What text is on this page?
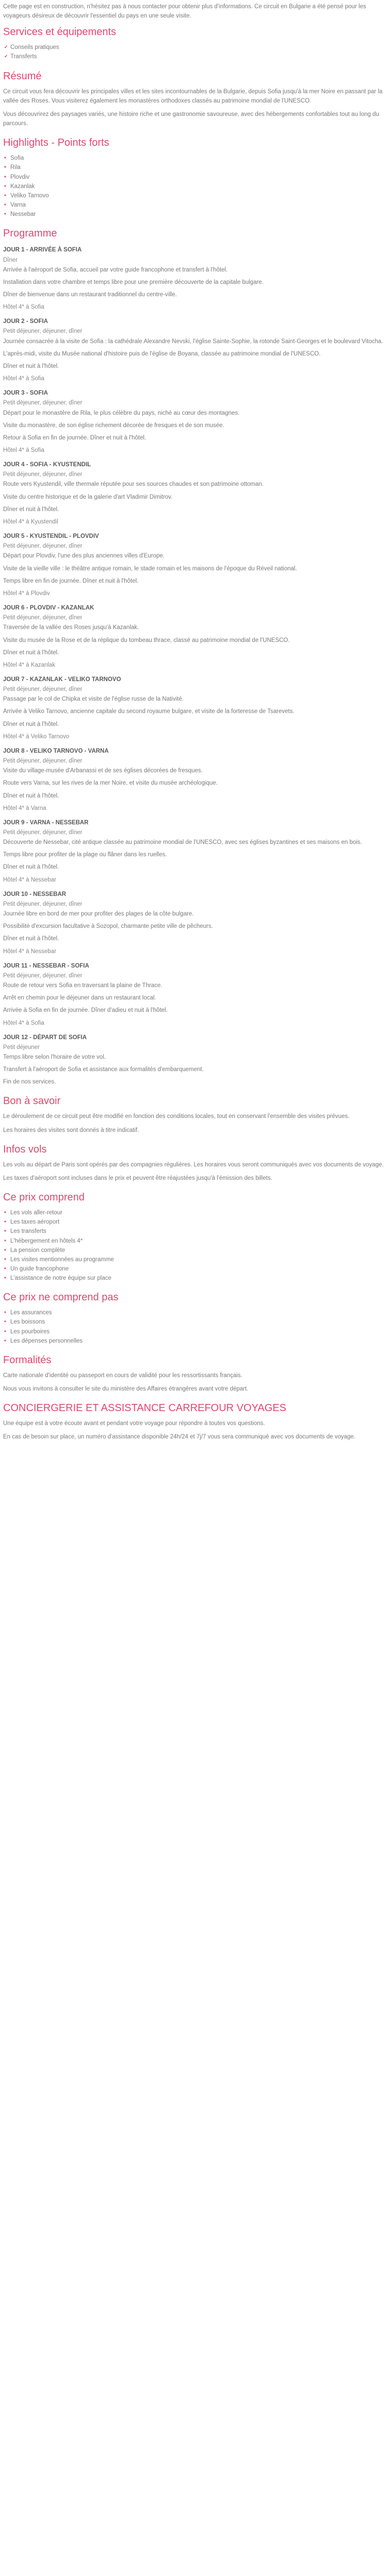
Cette page est en construction, n'hésitez pas à nous contacter pour obtenir plus d'informations. Ce circuit en Bulgarie a été pensé pour les voyageurs désireux de découvrir l'essentiel du pays en une seule visite.

Services et équipements
✔ Conseils pratiques
✔ Transferts
Résumé

Ce circuit vous fera découvrir les principales villes et les sites incontournables de la Bulgarie, depuis Sofia jusqu'à la mer Noire en passant par la vallée des Roses. Vous visiterez également les monastères orthodoxes classés au patrimoine mondial de l'UNESCO.

Vous découvrirez des paysages variés, une histoire riche et une gastronomie savoureuse, avec des hébergements confortables tout au long du parcours.

Highlights - Points forts
• Sofia
• Rila
• Plovdiv
• Kazanlak
• Veliko Tarnovo
• Varna
• Nessebar
Programme
JOUR 1 - ARRIVÉE À SOFIA
Dîner

Arrivée à l'aéroport de Sofia, accueil par votre guide francophone et transfert à l'hôtel.

Installation dans votre chambre et temps libre pour une première découverte de la capitale bulgare.

Dîner de bienvenue dans un restaurant traditionnel du centre-ville.

Hôtel 4* à Sofia
JOUR 2 - SOFIA
Petit déjeuner, déjeuner, dîner

Journée consacrée à la visite de Sofia : la cathédrale Alexandre Nevski, l'église Sainte-Sophie, la rotonde Saint-Georges et le boulevard Vitocha.

L'après-midi, visite du Musée national d'histoire puis de l'église de Boyana, classée au patrimoine mondial de l'UNESCO.

Dîner et nuit à l'hôtel.

Hôtel 4* à Sofia
JOUR 3 - SOFIA
Petit déjeuner, déjeuner, dîner

Départ pour le monastère de Rila, le plus célèbre du pays, niché au cœur des montagnes.

Visite du monastère, de son église richement décorée de fresques et de son musée.

Retour à Sofia en fin de journée. Dîner et nuit à l'hôtel.

Hôtel 4* à Sofia
JOUR 4 - SOFIA - KYUSTENDIL
Petit déjeuner, déjeuner, dîner

Route vers Kyustendil, ville thermale réputée pour ses sources chaudes et son patrimoine ottoman.

Visite du centre historique et de la galerie d'art Vladimir Dimitrov.

Dîner et nuit à l'hôtel.

Hôtel 4* à Kyustendil
JOUR 5 - KYUSTENDIL - PLOVDIV
Petit déjeuner, déjeuner, dîner

Départ pour Plovdiv, l'une des plus anciennes villes d'Europe.

Visite de la vieille ville : le théâtre antique romain, le stade romain et les maisons de l'époque du Réveil national.

Temps libre en fin de journée. Dîner et nuit à l'hôtel.

Hôtel 4* à Plovdiv
JOUR 6 - PLOVDIV - KAZANLAK
Petit déjeuner, déjeuner, dîner

Traversée de la vallée des Roses jusqu'à Kazanlak.

Visite du musée de la Rose et de la réplique du tombeau thrace, classé au patrimoine mondial de l'UNESCO.

Dîner et nuit à l'hôtel.

Hôtel 4* à Kazanlak
JOUR 7 - KAZANLAK - VELIKO TARNOVO
Petit déjeuner, déjeuner, dîner

Passage par le col de Chipka et visite de l'église russe de la Nativité.

Arrivée à Veliko Tarnovo, ancienne capitale du second royaume bulgare, et visite de la forteresse de Tsarevets.

Dîner et nuit à l'hôtel.

Hôtel 4* à Veliko Tarnovo
JOUR 8 - VELIKO TARNOVO - VARNA
Petit déjeuner, déjeuner, dîner

Visite du village-musée d'Arbanassi et de ses églises décorées de fresques.

Route vers Varna, sur les rives de la mer Noire, et visite du musée archéologique.

Dîner et nuit à l'hôtel.

Hôtel 4* à Varna
JOUR 9 - VARNA - NESSEBAR
Petit déjeuner, déjeuner, dîner

Découverte de Nessebar, cité antique classée au patrimoine mondial de l'UNESCO, avec ses églises byzantines et ses maisons en bois.

Temps libre pour profiter de la plage ou flâner dans les ruelles.

Dîner et nuit à l'hôtel.

Hôtel 4* à Nessebar
JOUR 10 - NESSEBAR
Petit déjeuner, déjeuner, dîner

Journée libre en bord de mer pour profiter des plages de la côte bulgare.

Possibilité d'excursion facultative à Sozopol, charmante petite ville de pêcheurs.

Dîner et nuit à l'hôtel.

Hôtel 4* à Nessebar
JOUR 11 - NESSEBAR - SOFIA
Petit déjeuner, déjeuner, dîner

Route de retour vers Sofia en traversant la plaine de Thrace.

Arrêt en chemin pour le déjeuner dans un restaurant local.

Arrivée à Sofia en fin de journée. Dîner d'adieu et nuit à l'hôtel.

Hôtel 4* à Sofia
JOUR 12 - DÉPART DE SOFIA
Petit déjeuner

Temps libre selon l'horaire de votre vol.

Transfert à l'aéroport de Sofia et assistance aux formalités d'embarquement.

Fin de nos services.

Bon à savoir

Le déroulement de ce circuit peut être modifié en fonction des conditions locales, tout en conservant l'ensemble des visites prévues.

Les horaires des visites sont donnés à titre indicatif.

Infos vols

Les vols au départ de Paris sont opérés par des compagnies régulières. Les horaires vous seront communiqués avec vos documents de voyage.

Les taxes d'aéroport sont incluses dans le prix et peuvent être réajustées jusqu'à l'émission des billets.

Ce prix comprend
• Les vols aller-retour
• Les taxes aéroport
• Les transferts
• L'hébergement en hôtels 4*
• La pension complète
• Les visites mentionnées au programme
• Un guide francophone
• L'assistance de notre équipe sur place
Ce prix ne comprend pas
• Les assurances
• Les boissons
• Les pourboires
• Les dépenses personnelles
Formalités

Carte nationale d'identité ou passeport en cours de validité pour les ressortissants français.

Nous vous invitons à consulter le site du ministère des Affaires étrangères avant votre départ.

CONCIERGERIE ET ASSISTANCE CARREFOUR VOYAGES

Une équipe est à votre écoute avant et pendant votre voyage pour répondre à toutes vos questions.

En cas de besoin sur place, un numéro d'assistance disponible 24h/24 et 7j/7 vous sera communiqué avec vos documents de voyage.
